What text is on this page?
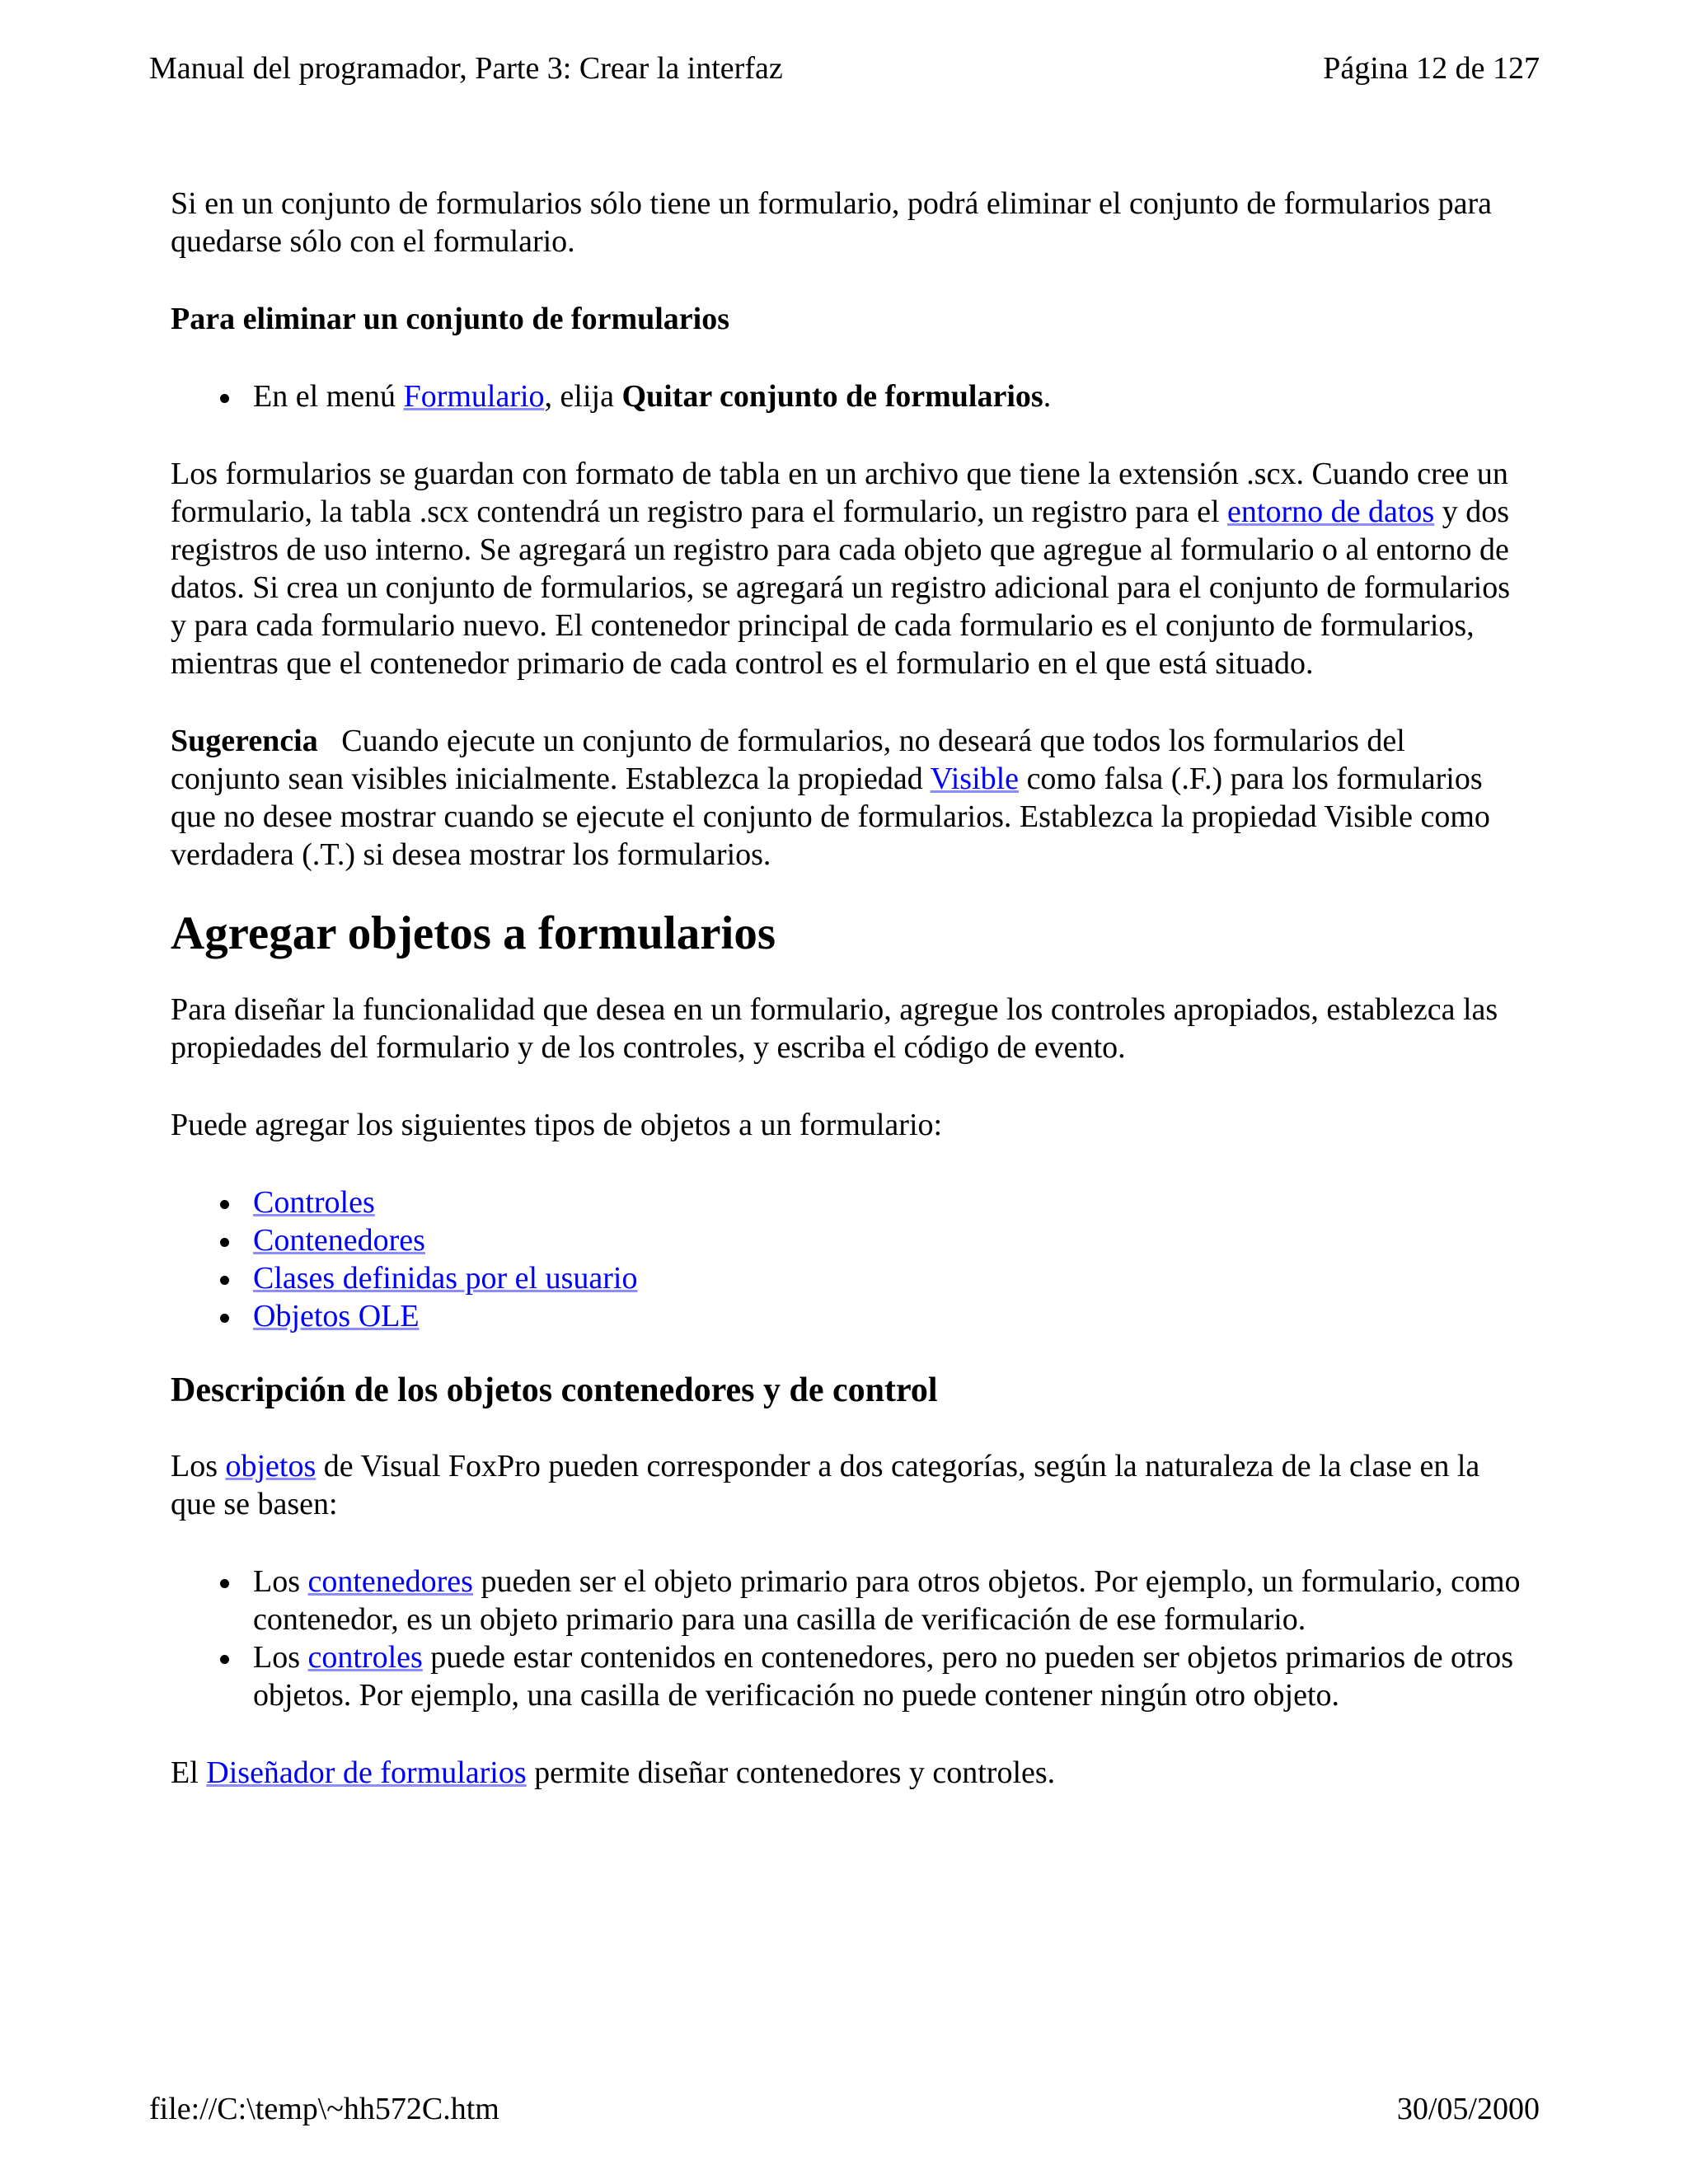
Manual del programador, Parte 3: Crear la interfaz	Página 12 de 127

Si en un conjunto de formularios sólo tiene un formulario, podrá eliminar el conjunto de formularios para quedarse sólo con el formulario.

Para eliminar un conjunto de formularios

En el menú Formulario, elija Quitar conjunto de formularios.

Los formularios se guardan con formato de tabla en un archivo que tiene la extensión .scx. Cuando cree un formulario, la tabla .scx contendrá un registro para el formulario, un registro para el entorno de datos y dos registros de uso interno. Se agregará un registro para cada objeto que agregue al formulario o al entorno de datos. Si crea un conjunto de formularios, se agregará un registro adicional para el conjunto de formularios y para cada formulario nuevo. El contenedor principal de cada formulario es el conjunto de formularios, mientras que el contenedor primario de cada control es el formulario en el que está situado.

Sugerencia Cuando ejecute un conjunto de formularios, no deseará que todos los formularios del conjunto sean visibles inicialmente. Establezca la propiedad Visible como falsa (.F.) para los formularios que no desee mostrar cuando se ejecute el conjunto de formularios. Establezca la propiedad Visible como verdadera (.T.) si desea mostrar los formularios.

Agregar objetos a formularios

Para diseñar la funcionalidad que desea en un formulario, agregue los controles apropiados, establezca las propiedades del formulario y de los controles, y escriba el código de evento.

Puede agregar los siguientes tipos de objetos a un formulario:

Controles
Contenedores
Clases definidas por el usuario
Objetos OLE
Descripción de los objetos contenedores y de control

Los objetos de Visual FoxPro pueden corresponder a dos categorías, según la naturaleza de la clase en la que se basen:

Los contenedores pueden ser el objeto primario para otros objetos. Por ejemplo, un formulario, como contenedor, es un objeto primario para una casilla de verificación de ese formulario.
Los controles puede estar contenidos en contenedores, pero no pueden ser objetos primarios de otros objetos. Por ejemplo, una casilla de verificación no puede contener ningún otro objeto.

El Diseñador de formularios permite diseñar contenedores y controles.

file://C:\temp\~hh572C.htm	30/05/2000
